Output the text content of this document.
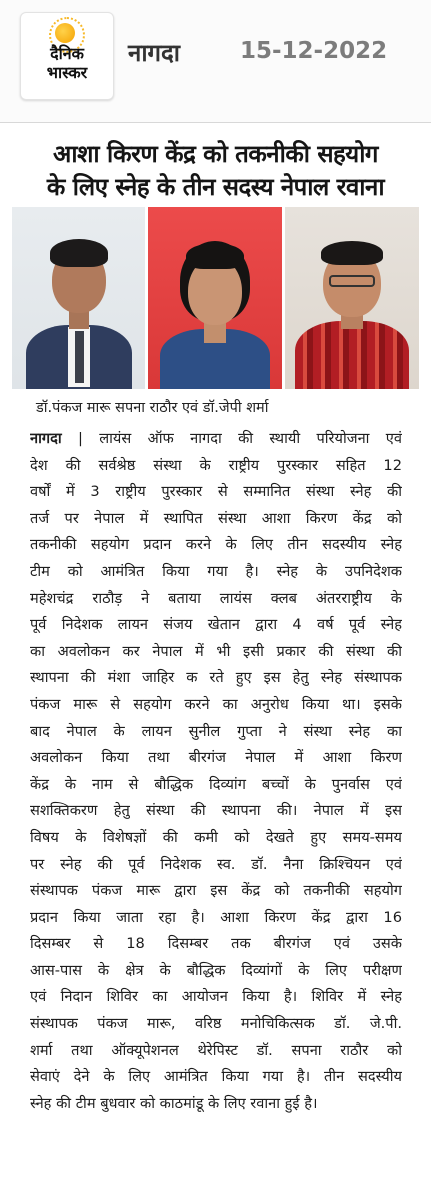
दैनिक
भास्कर
नागदा	15-12-2022
आशा किरण केंद्र को तकनीकी सहयोग
के लिए स्नेह के तीन सदस्य नेपाल रवाना
डॉ.पंकज मारू सपना राठौर एवं डॉ.जेपी शर्मा
नागदा | लायंस ऑफ नागदा की स्थायी परियोजना एवं
देश की सर्वश्रेष्ठ संस्था के राष्ट्रीय पुरस्कार सहित 12
वर्षों में 3 राष्ट्रीय पुरस्कार से सम्मानित संस्था स्नेह की
तर्ज पर नेपाल में स्थापित संस्था आशा किरण केंद्र को
तकनीकी सहयोग प्रदान करने के लिए तीन सदस्यीय स्नेह
टीम को आमंत्रित किया गया है। स्नेह के उपनिदेशक
महेशचंद्र राठौड़ ने बताया लायंस क्लब अंतरराष्ट्रीय के
पूर्व निदेशक लायन संजय खेतान द्वारा 4 वर्ष पूर्व स्नेह
का अवलोकन कर नेपाल में भी इसी प्रकार की संस्था की
स्थापना की मंशा जाहिर क रते हुए इस हेतु स्नेह संस्थापक
पंकज मारू से सहयोग करने का अनुरोध किया था। इसके
बाद नेपाल के लायन सुनील गुप्ता ने संस्था स्नेह का
अवलोकन किया तथा बीरगंज नेपाल में आशा किरण
केंद्र के नाम से बौद्धिक दिव्यांग बच्चों के पुनर्वास एवं
सशक्तिकरण हेतु संस्था की स्थापना की। नेपाल में इस
विषय के विशेषज्ञों की कमी को देखते हुए समय-समय
पर स्नेह की पूर्व निदेशक स्व. डॉ. नैना क्रिश्चियन एवं
संस्थापक पंकज मारू द्वारा इस केंद्र को तकनीकी सहयोग
प्रदान किया जाता रहा है। आशा किरण केंद्र द्वारा 16
दिसम्बर से 18 दिसम्बर तक बीरगंज एवं उसके
आस-पास के क्षेत्र के बौद्धिक दिव्यांगों के लिए परीक्षण
एवं निदान शिविर का आयोजन किया है। शिविर में स्नेह
संस्थापक पंकज मारू, वरिष्ठ मनोचिकित्सक डॉ. जे.पी.
शर्मा तथा ऑक्यूपेशनल थेरेपिस्ट डॉ. सपना राठौर को
सेवाएं देने के लिए आमंत्रित किया गया है। तीन सदस्यीय
स्नेह की टीम बुधवार को काठमांडू के लिए रवाना हुई है।
